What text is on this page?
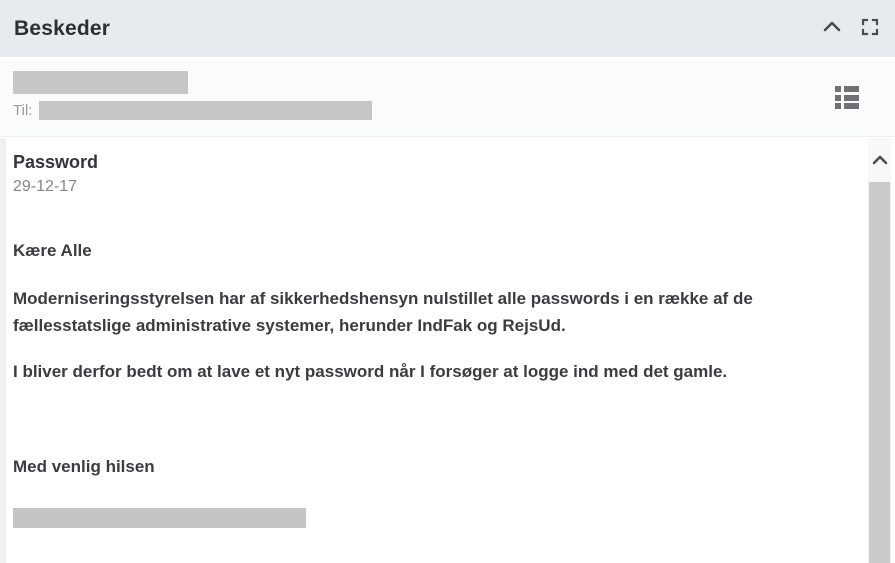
Beskeder
Til:
Password
29-12-17
Kære Alle
Moderniseringsstyrelsen har af sikkerhedshensyn nulstillet alle passwords i en række af de fællesstatslige administrative systemer, herunder IndFak og RejsUd.
I bliver derfor bedt om at lave et nyt password når I forsøger at logge ind med det gamle.
Med venlig hilsen
